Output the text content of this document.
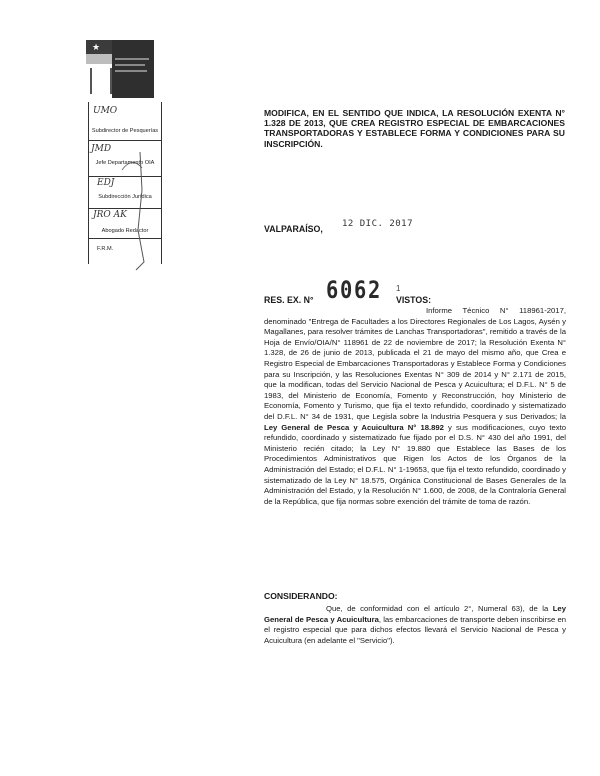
★
UMO
Subdirector de Pesquerías
JMD
Jefe Departamento OIA
EDJ
Subdirección Jurídica
JRO AK
Abogado Redactor
F.R.M.
MODIFICA, EN EL SENTIDO QUE INDICA, LA RESOLUCIÓN EXENTA N° 1.328 DE 2013, QUE CREA REGISTRO ESPECIAL DE EMBARCACIONES TRANSPORTADORAS Y ESTABLECE FORMA Y CONDICIONES PARA SU INSCRIPCIÓN.
VALPARAÍSO, 12 DIC. 2017
RES. EX. N° 6062 1
VISTOS:

Informe Técnico N° 118961-2017, denominado "Entrega de Facultades a los Directores Regionales de Los Lagos, Aysén y Magallanes, para resolver trámites de Lanchas Transportadoras", remitido a través de la Hoja de Envío/OIA/N° 118961 de 22 de noviembre de 2017; la Resolución Exenta N° 1.328, de 26 de junio de 2013, publicada el 21 de mayo del mismo año, que Crea e Registro Especial de Embarcaciones Transportadoras y Establece Forma y Condiciones para su Inscripción, y las Resoluciones Exentas N° 309 de 2014 y N° 2.171 de 2015, que la modifican, todas del Servicio Nacional de Pesca y Acuicultura; el D.F.L. N° 5 de 1983, del Ministerio de Economía, Fomento y Reconstrucción, hoy Ministerio de Economía, Fomento y Turismo, que fija el texto refundido, coordinado y sistematizado del D.F.L. N° 34 de 1931, que Legisla sobre la Industria Pesquera y sus Derivados; la Ley General de Pesca y Acuicultura N° 18.892 y sus modificaciones, cuyo texto refundido, coordinado y sistematizado fue fijado por el D.S. N° 430 del año 1991, del Ministerio recién citado; la Ley N° 19.880 que Establece las Bases de los Procedimientos Administrativos que Rigen los Actos de los Órganos de la Administración del Estado; el D.F.L. N° 1-19653, que fija el texto refundido, coordinado y sistematizado de la Ley N° 18.575, Orgánica Constitucional de Bases Generales de la Administración del Estado, y la Resolución N° 1.600, de 2008, de la Contraloría General de la República, que fija normas sobre exención del trámite de toma de razón.

CONSIDERANDO:

Que, de conformidad con el artículo 2°, Numeral 63), de la Ley General de Pesca y Acuicultura, las embarcaciones de transporte deben inscribirse en el registro especial que para dichos efectos llevará el Servicio Nacional de Pesca y Acuicultura (en adelante el "Servicio").
